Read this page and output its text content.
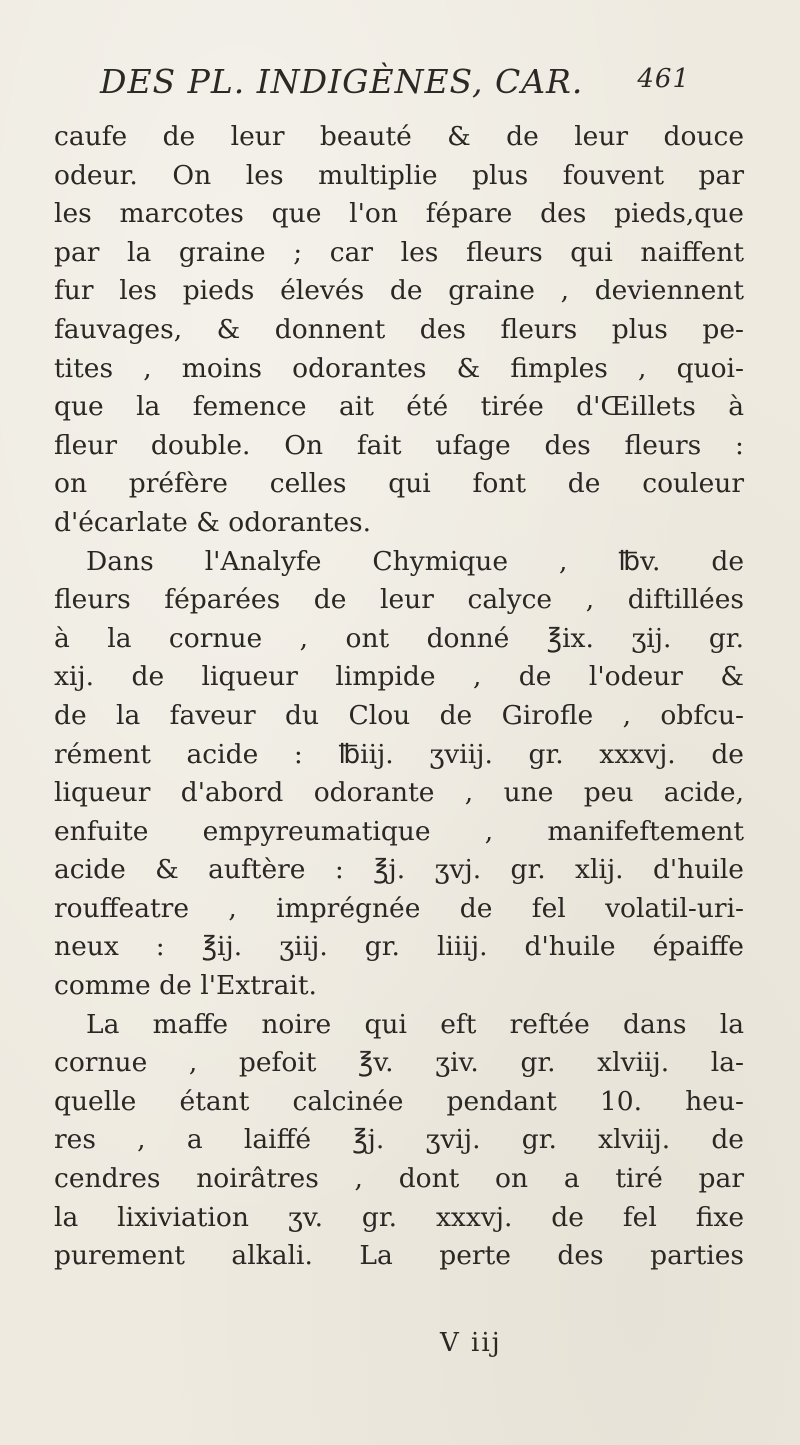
DES PL. INDIGÈNES, CAR. 461
caufe de leur beauté & de leur douce
odeur. On les multiplie plus fouvent par
les marcotes que l'on fépare des pieds,que
par la graine ; car les fleurs qui naiffent
fur les pieds élevés de graine , deviennent
fauvages, & donnent des fleurs plus pe-
tites , moins odorantes & fimples , quoi-
que la femence ait été tirée d'Œillets à
fleur double. On fait ufage des fleurs :
on préfère celles qui font de couleur
d'écarlate & odorantes.
Dans l'Analyfe Chymique , ℔v. de
fleurs féparées de leur calyce , diftillées
à la cornue , ont donné ℥ix. ʒij. gr.
xij. de liqueur limpide , de l'odeur &
de la faveur du Clou de Girofle , obfcu-
rément acide : ℔iij. ʒviij. gr. xxxvj. de
liqueur d'abord odorante , une peu acide,
enfuite empyreumatique , manifeftement
acide & auftère : ℥j. ʒvj. gr. xlij. d'huile
rouffeatre , imprégnée de fel volatil-uri-
neux : ℥ij. ʒiij. gr. liiij. d'huile épaiffe
comme de l'Extrait.
La maffe noire qui eft reftée dans la
cornue , pefoit ℥v. ʒiv. gr. xlviij. la-
quelle étant calcinée pendant 10. heu-
res , a laiffé ℥j. ʒvij. gr. xlviij. de
cendres noirâtres , dont on a tiré par
la lixiviation ʒv. gr. xxxvj. de fel fixe
purement alkali. La perte des parties
V iij
